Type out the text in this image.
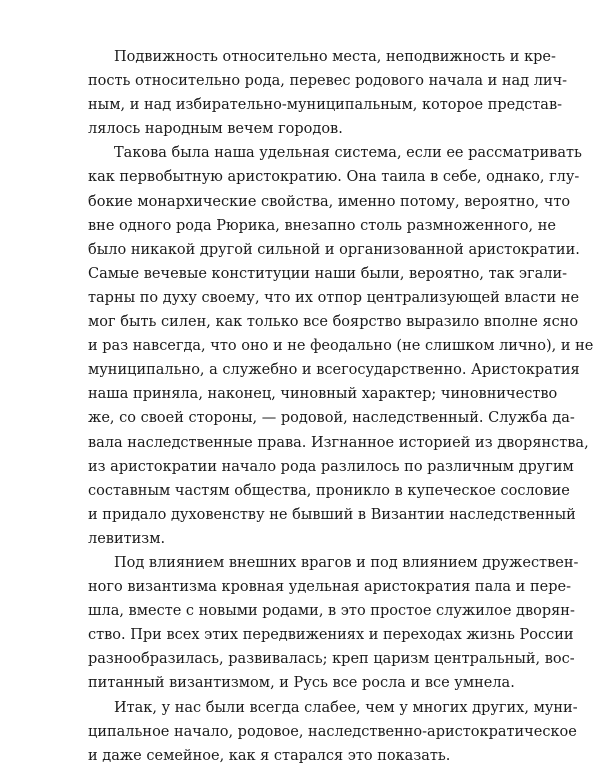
Подвижность относительно места, неподвижность и кре-
пость относительно рода, перевес родового начала и над лич-
ным, и над избирательно-муниципальным, которое представ-
лялось народным вечем городов.
Такова была наша удельная система, если ее рассматривать
как первобытную аристократию. Она таила в себе, однако, глу-
бокие монархические свойства, именно потому, вероятно, что
вне одного рода Рюрика, внезапно столь размноженного, не
было никакой другой сильной и организованной аристократии.
Самые вечевые конституции наши были, вероятно, так эгали-
тарны по духу своему, что их отпор централизующей власти не
мог быть силен, как только все боярство выразило вполне ясно
и раз навсегда, что оно и не феодально (не слишком лично), и не
муниципально, а служебно и всегосударственно. Аристократия
наша приняла, наконец, чиновный характер; чиновничество
же, со своей стороны, — родовой, наследственный. Служба да-
вала наследственные права. Изгнанное историей из дворянства,
из аристократии начало рода разлилось по различным другим
составным частям общества, проникло в купеческое сословие
и придало духовенству не бывший в Византии наследственный
левитизм.
Под влиянием внешних врагов и под влиянием дружествен-
ного византизма кровная удельная аристократия пала и пере-
шла, вместе с новыми родами, в это простое служилое дворян-
ство. При всех этих передвижениях и переходах жизнь России
разнообразилась, развивалась; креп царизм центральный, вос-
питанный византизмом, и Русь все росла и все умнела.
Итак, у нас были всегда слабее, чем у многих других, муни-
ципальное начало, родовое, наследственно-аристократическое
и даже семейное, как я старался это показать.
